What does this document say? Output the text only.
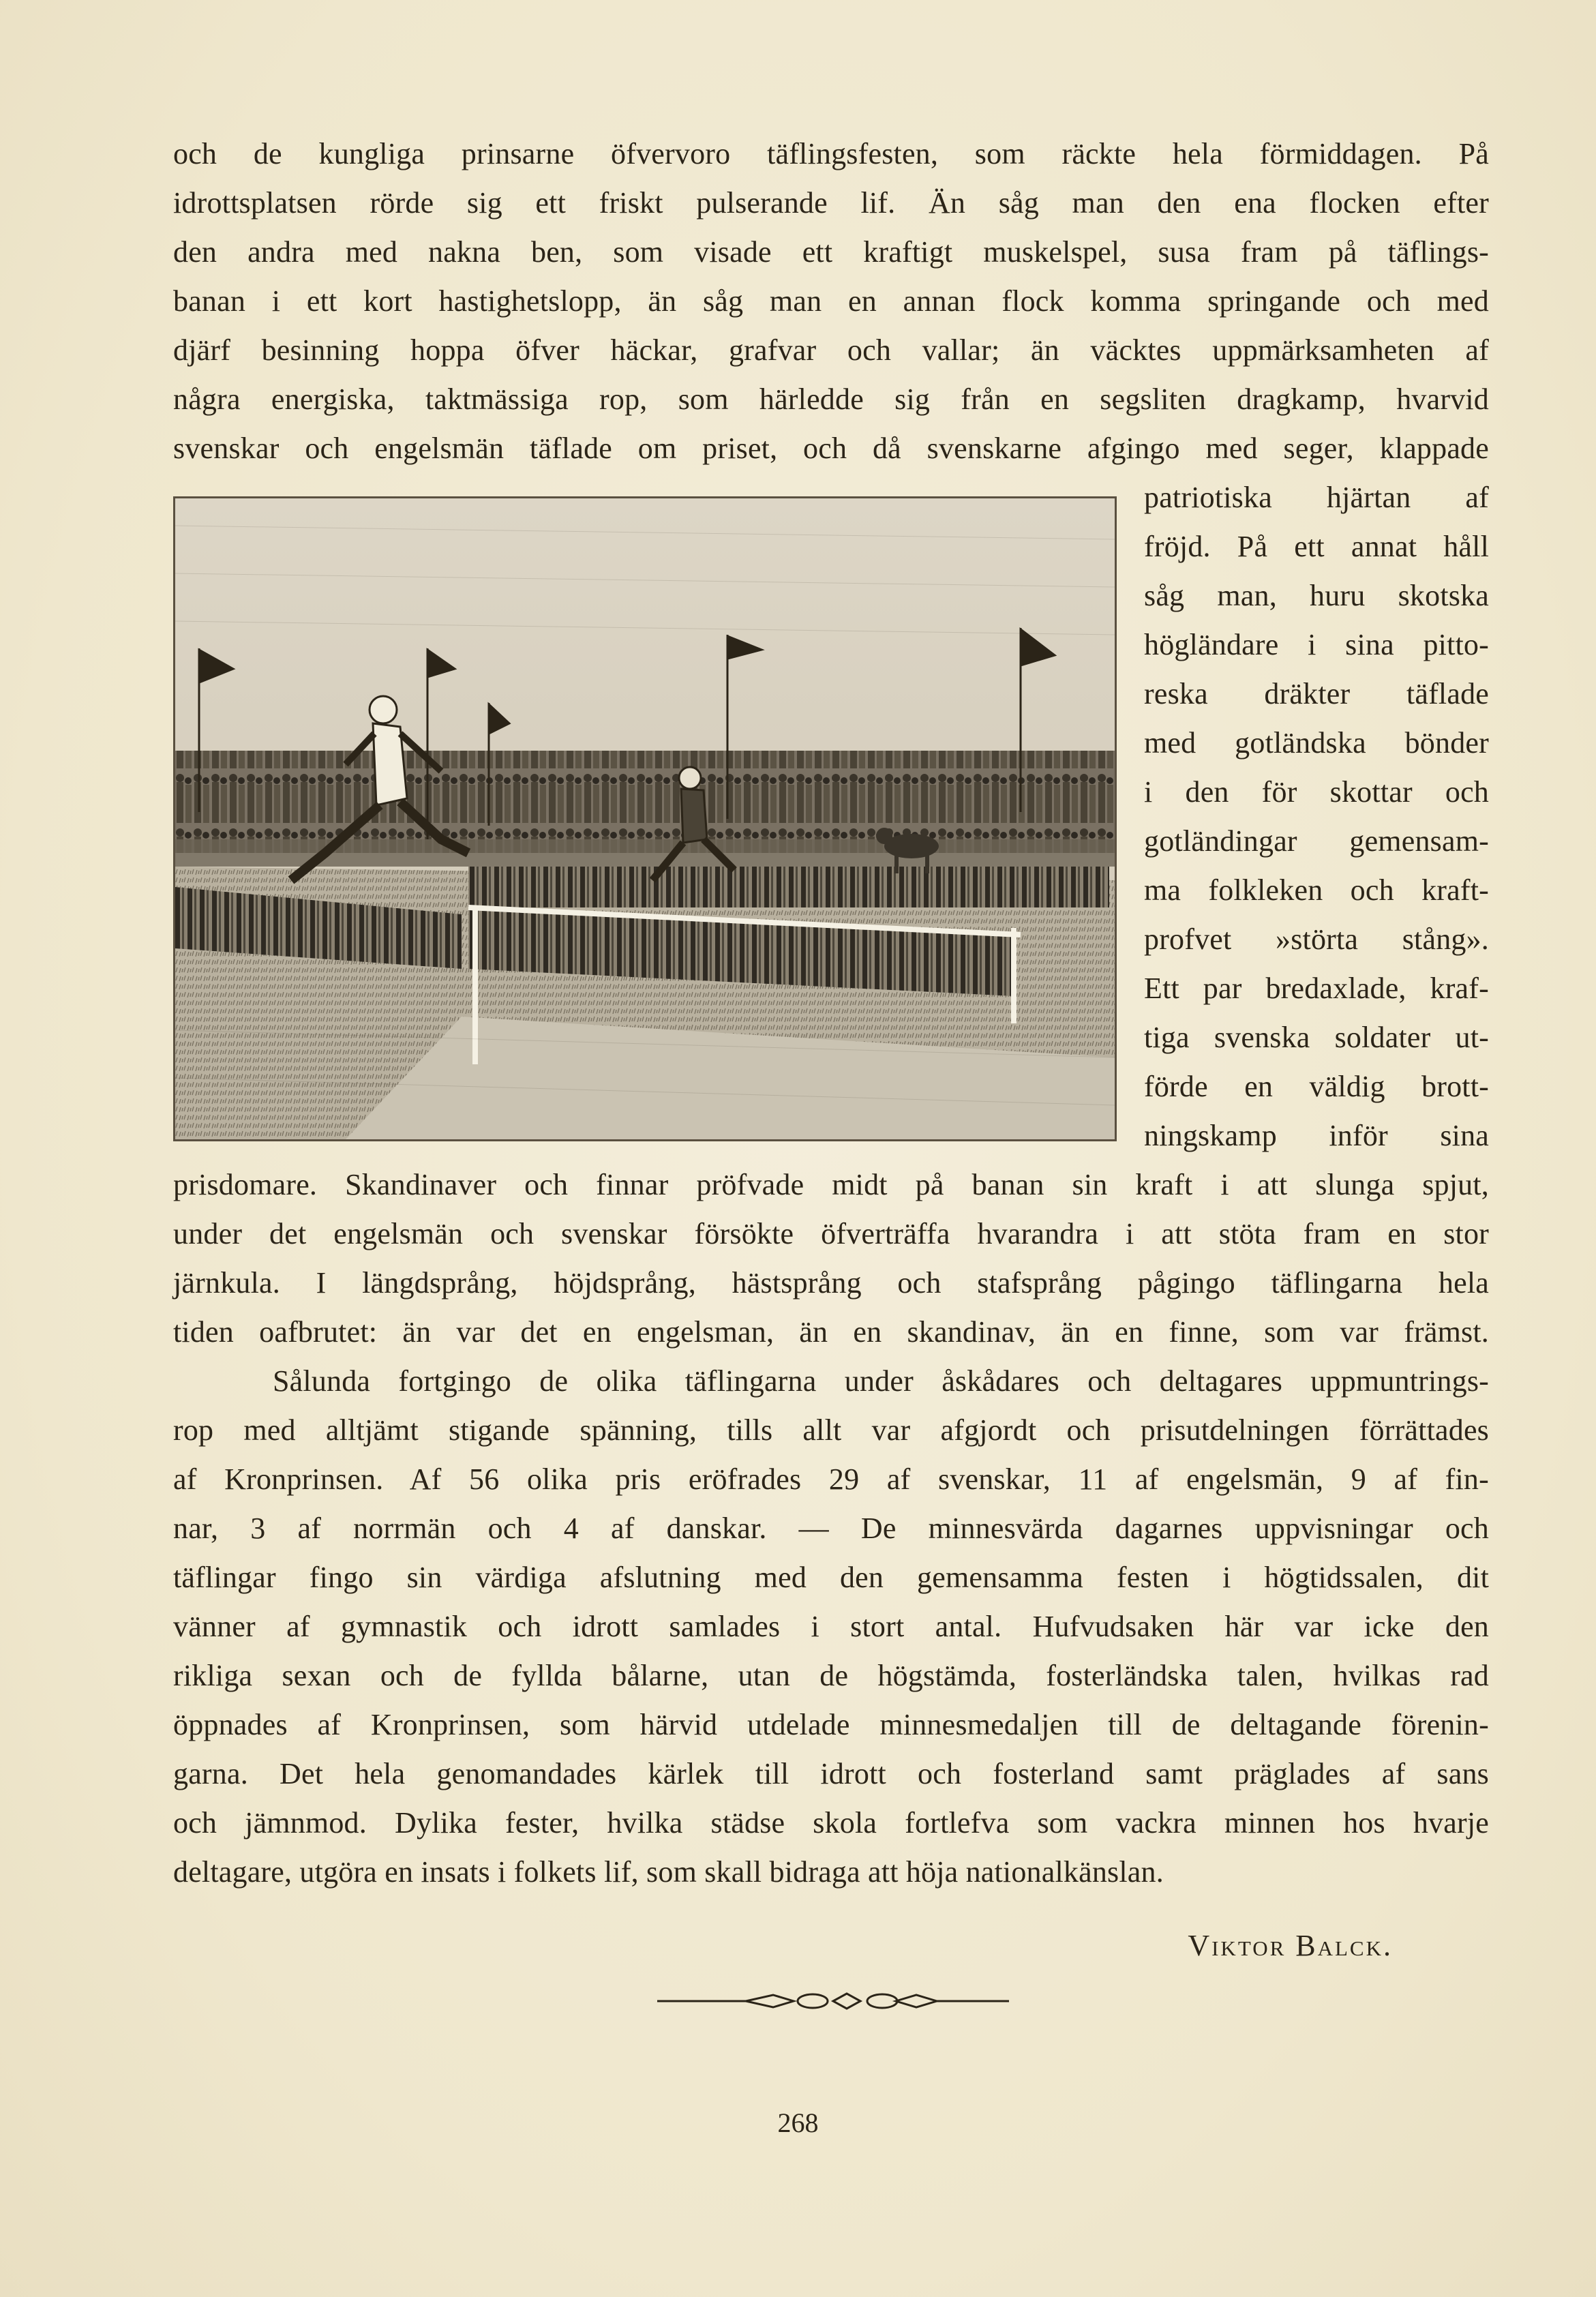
och de kungliga prinsarne öfvervoro täflingsfesten, som räckte hela förmiddagen. På
idrottsplatsen rörde sig ett friskt pulserande lif. Än såg man den ena flocken efter
den andra med nakna ben, som visade ett kraftigt muskelspel, susa fram på täflings-
banan i ett kort hastighetslopp, än såg man en annan flock komma springande och med
djärf besinning hoppa öfver häckar, grafvar och vallar; än väcktes uppmärksamheten af
några energiska, taktmässiga rop, som härledde sig från en segsliten dragkamp, hvarvid
svenskar och engelsmän täflade om priset, och då svenskarne afgingo med seger, klappade
patriotiska hjärtan af
fröjd. På ett annat håll
såg man, huru skotska
högländare i sina pitto-
reska dräkter täflade
med gotländska bönder
i den för skottar och
gotländingar gemensam-
ma folkleken och kraft-
profvet »störta stång».
Ett par bredaxlade, kraf-
tiga svenska soldater ut-
förde en väldig brott-
ningskamp inför sina
prisdomare. Skandinaver och finnar pröfvade midt på banan sin kraft i att slunga spjut,
under det engelsmän och svenskar försökte öfverträffa hvarandra i att stöta fram en stor
järnkula. I längdsprång, höjdsprång, hästsprång och stafsprång pågingo täflingarna hela
tiden oafbrutet: än var det en engelsman, än en skandinav, än en finne, som var främst.
Sålunda fortgingo de olika täflingarna under åskådares och deltagares uppmuntrings-
rop med alltjämt stigande spänning, tills allt var afgjordt och prisutdelningen förrättades
af Kronprinsen. Af 56 olika pris eröfrades 29 af svenskar, 11 af engelsmän, 9 af fin-
nar, 3 af norrmän och 4 af danskar. — De minnesvärda dagarnes uppvisningar och
täflingar fingo sin värdiga afslutning med den gemensamma festen i högtidssalen, dit
vänner af gymnastik och idrott samlades i stort antal. Hufvudsaken här var icke den
rikliga sexan och de fyllda bålarne, utan de högstämda, fosterländska talen, hvilkas rad
öppnades af Kronprinsen, som härvid utdelade minnesmedaljen till de deltagande förenin-
garna. Det hela genomandades kärlek till idrott och fosterland samt präglades af sans
och jämnmod. Dylika fester, hvilka städse skola fortlefva som vackra minnen hos hvarje
deltagare, utgöra en insats i folkets lif, som skall bidraga att höja nationalkänslan.
Viktor Balck.
268
